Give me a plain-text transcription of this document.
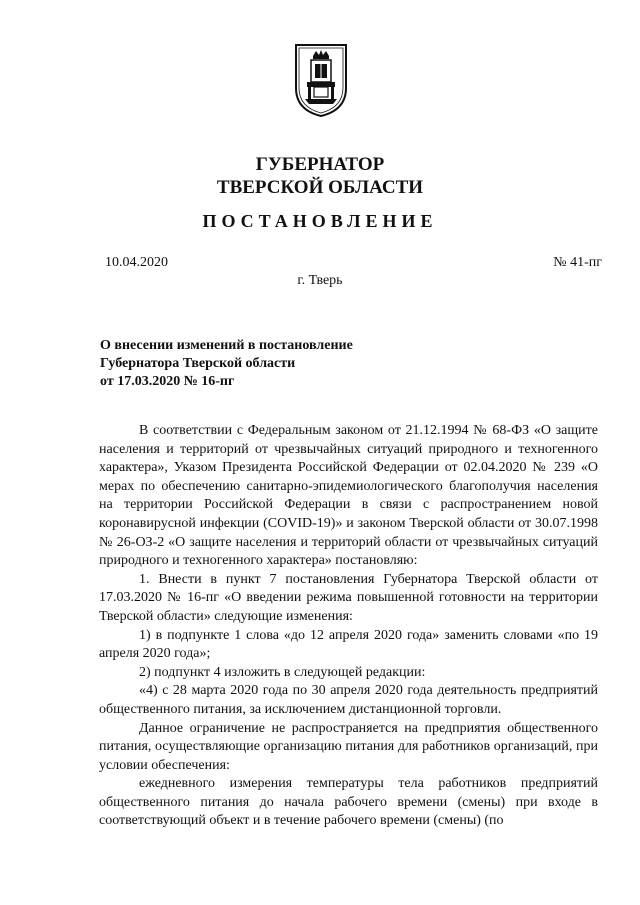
ГУБЕРНАТОР
ТВЕРСКОЙ ОБЛАСТИ
ПОСТАНОВЛЕНИЕ
10.04.2020	№ 41-пг
г. Тверь
О внесении изменений в постановление
Губернатора Тверской области
от 17.03.2020 № 16-пг

В соответствии с Федеральным законом от 21.12.1994 № 68-ФЗ «О защите населения и территорий от чрезвычайных ситуаций природного и техногенного характера», Указом Президента Российской Федерации от 02.04.2020 № 239 «О мерах по обеспечению санитарно-эпидемиологического благополучия населения на территории Российской Федерации в связи с распространением новой коронавирусной инфекции (COVID-19)» и законом Тверской области от 30.07.1998 № 26-ОЗ-2 «О защите населения и территорий области от чрезвычайных ситуаций природного и техногенного характера» постановляю:

1. Внести в пункт 7 постановления Губернатора Тверской области от 17.03.2020 № 16-пг «О введении режима повышенной готовности на территории Тверской области» следующие изменения:

1) в подпункте 1 слова «до 12 апреля 2020 года» заменить словами «по 19 апреля 2020 года»;

2) подпункт 4 изложить в следующей редакции:

«4) с 28 марта 2020 года по 30 апреля 2020 года деятельность предприятий общественного питания, за исключением дистанционной торговли.

Данное ограничение не распространяется на предприятия общественного питания, осуществляющие организацию питания для работников организаций, при условии обеспечения:

ежедневного измерения температуры тела работников предприятий общественного питания до начала рабочего времени (смены) при входе в соответствующий объект и в течение рабочего времени (смены) (по
